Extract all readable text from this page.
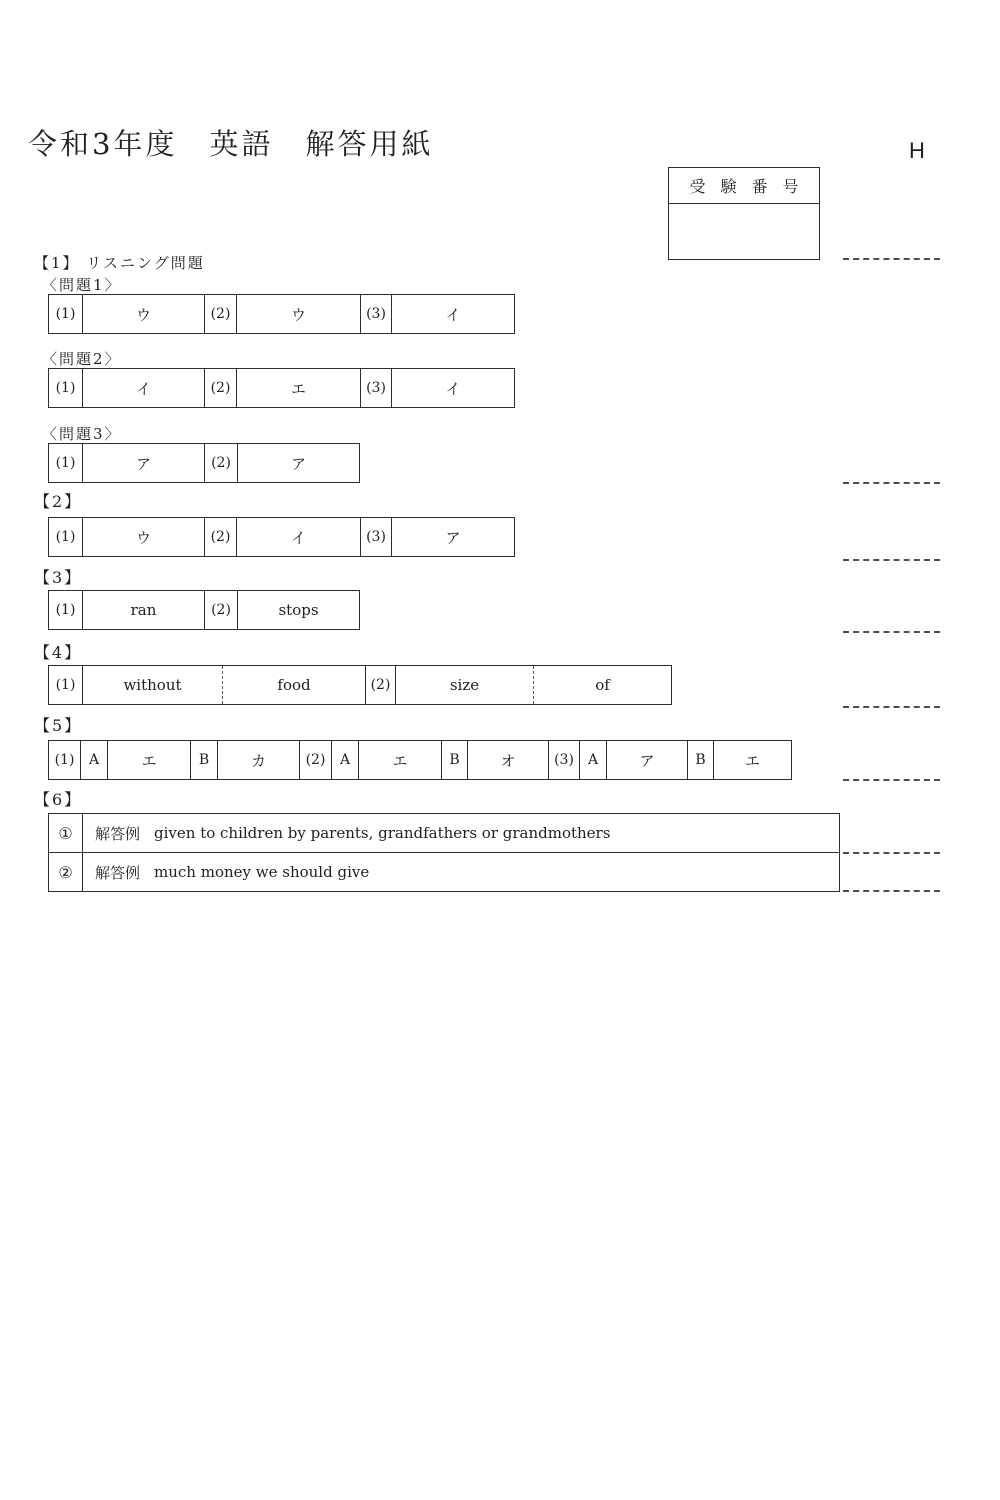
令和3年度　英語　解答用紙	H
受験番号
【1】 リスニング問題
〈問題1〉
(1)	ウ	(2)	ウ	(3)	イ
〈問題2〉
(1)	イ	(2)	エ	(3)	イ
〈問題3〉
(1)	ア	(2)	ア
【2】
(1)	ウ	(2)	イ	(3)	ア
【3】
(1)	ran	(2)	stops
【4】
(1)	without	food	(2)	size	of
【5】
(1)	A	エ	B	カ	(2)	A	エ	B	オ	(3)	A	ア	B	エ
【6】
①	解答例 given to children by parents, grandfathers or grandmothers
②	解答例 much money we should give
